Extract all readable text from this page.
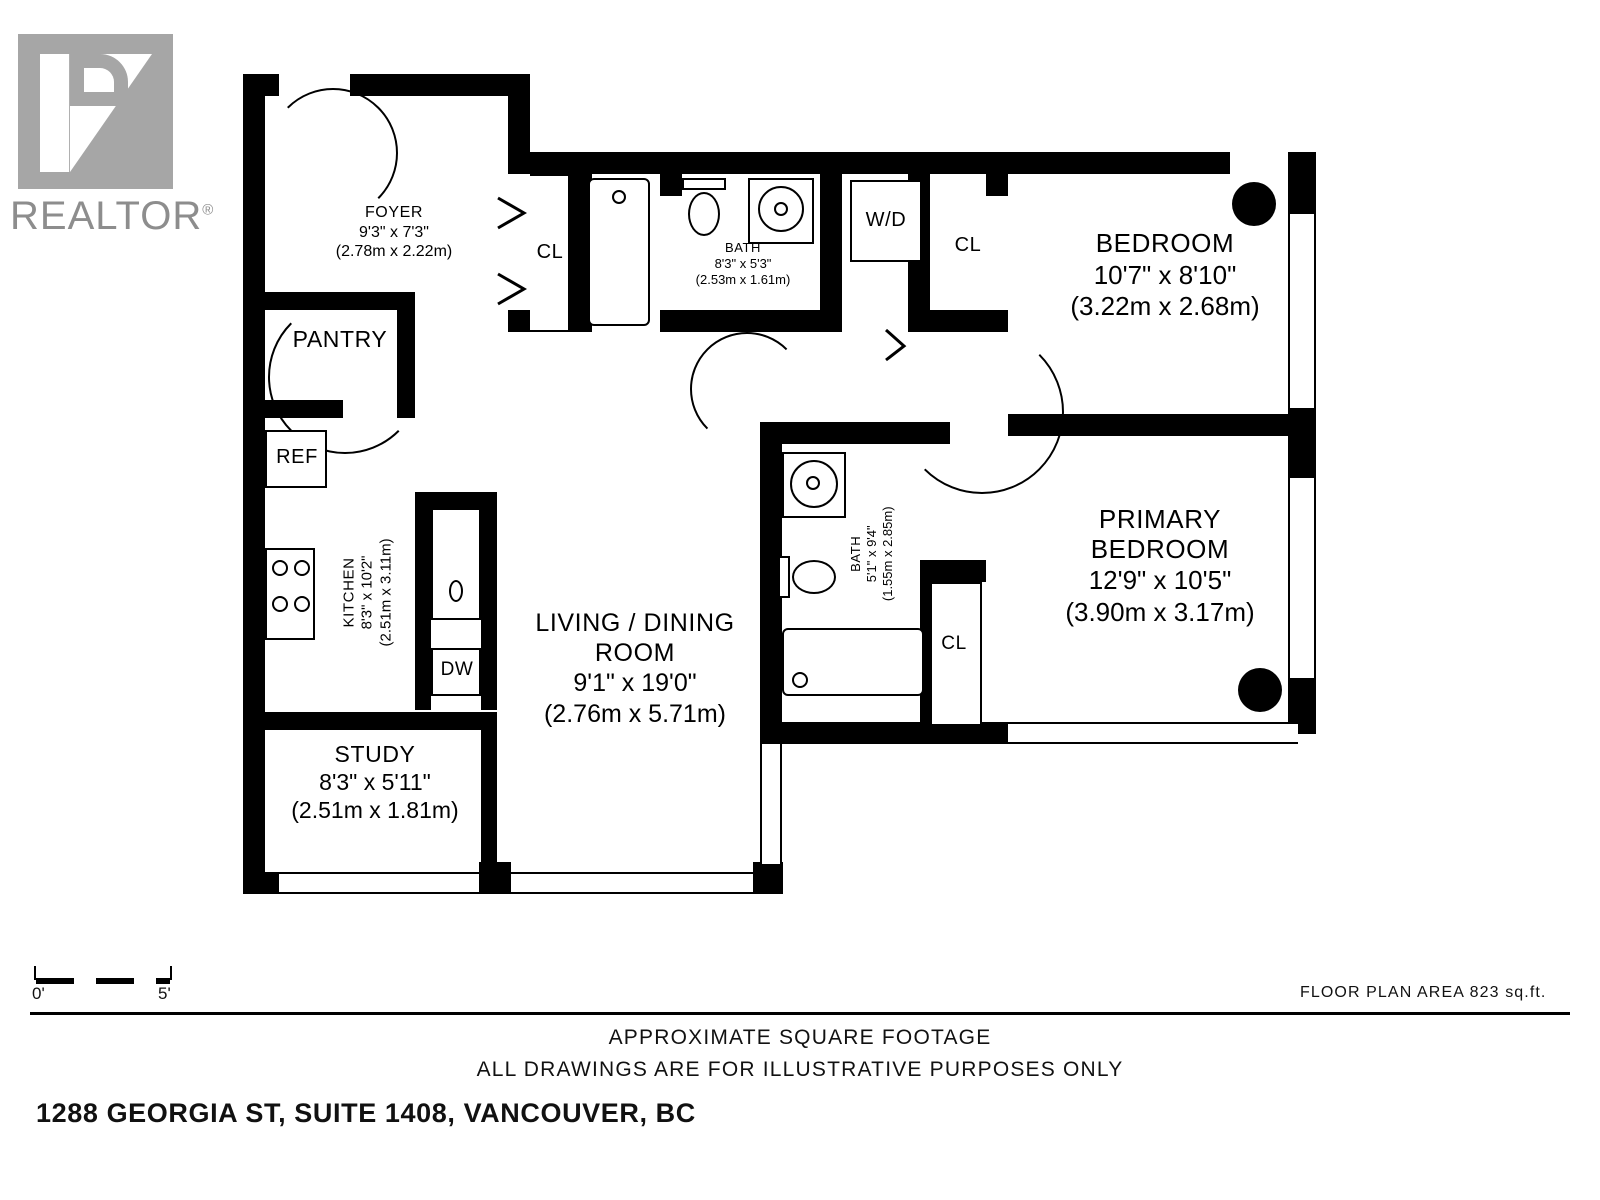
REALTOR®	FOYER
9'3" x 7'3"
(2.78m x 2.22m)	BATH
8'3" x 5'3"
(2.53m x 1.61m)
BEDROOM
10'7" x 8'10"
(3.22m x 2.68m)
PRIMARY
BEDROOM
12'9" x 10'5"
(3.90m x 3.17m)
KITCHEN 8'3" x 10'2" (2.51m x 3.11m)	LIVING / DINING
ROOM
9'1" x 19'0"
(2.76m x 5.71m)
STUDY
8'3" x 5'11"
(2.51m x 1.81m)
BATH 5'1" x 9'4" (1.55m x 2.85m)
PANTRY
REF
DW
W/D
CL	CL
CL
0'	5'	FLOOR PLAN AREA 823 sq.ft.
APPROXIMATE SQUARE FOOTAGE
ALL DRAWINGS ARE FOR ILLUSTRATIVE PURPOSES ONLY
1288 GEORGIA ST, SUITE 1408, VANCOUVER, BC
